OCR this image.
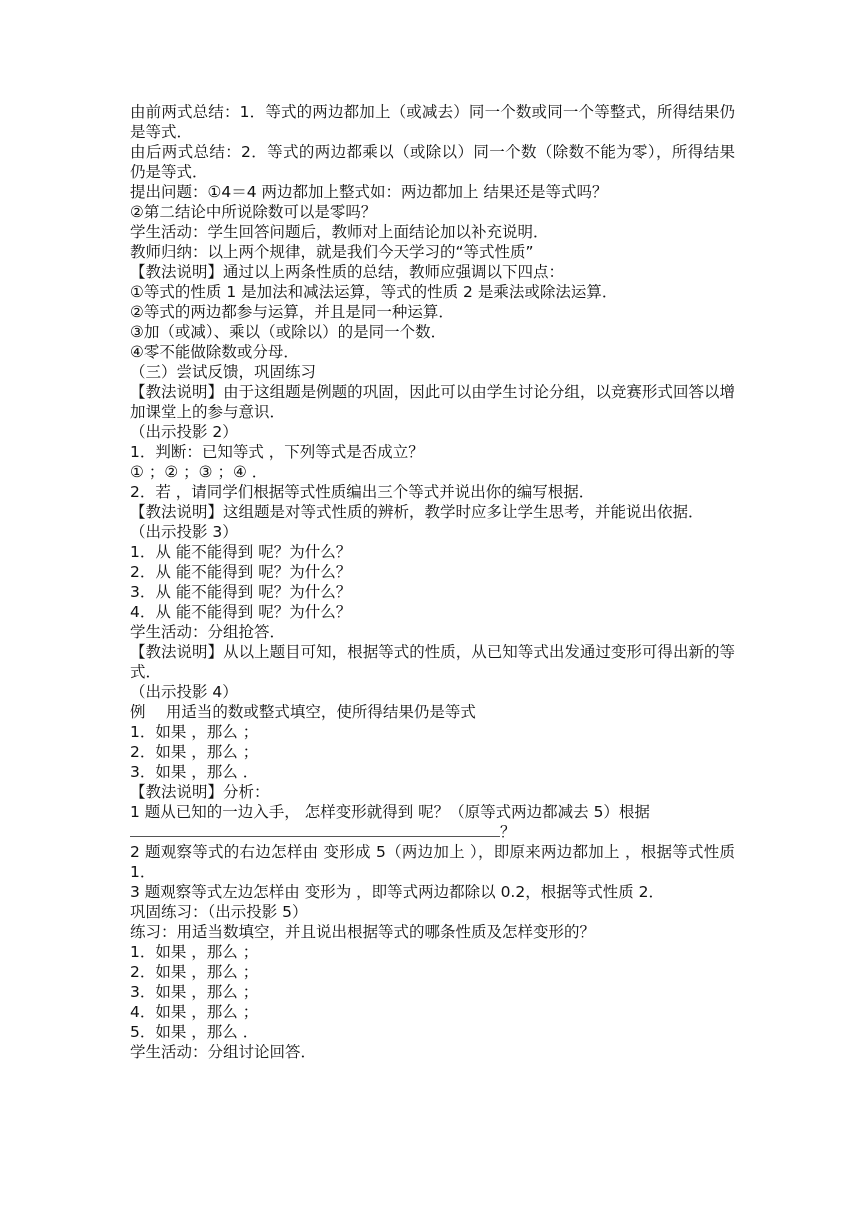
由前两式总结：1．等式的两边都加上（或减去）同一个数或同一个等整式，所得结果仍是等式．
由后两式总结：2．等式的两边都乘以（或除以）同一个数（除数不能为零），所得结果仍是等式．
提出问题：①4＝4 两边都加上整式如：两边都加上 结果还是等式吗？
②第二结论中所说除数可以是零吗？
学生活动：学生回答问题后，教师对上面结论加以补充说明．
教师归纳：以上两个规律，就是我们今天学习的“等式性质”
【教法说明】通过以上两条性质的总结，教师应强调以下四点：
①等式的性质 1 是加法和减法运算，等式的性质 2 是乘法或除法运算．
②等式的两边都参与运算，并且是同一种运算．
③加（或减）、乘以（或除以）的是同一个数．
④零不能做除数或分母．
（三）尝试反馈，巩固练习
【教法说明】由于这组题是例题的巩固，因此可以由学生讨论分组，以竞赛形式回答以增加课堂上的参与意识．
（出示投影 2）
1．判断：已知等式 ，下列等式是否成立？
① ；② ；③ ；④ ．
2．若 ，请同学们根据等式性质编出三个等式并说出你的编写根据．
【教法说明】这组题是对等式性质的辨析，教学时应多让学生思考，并能说出依据．
（出示投影 3）
1．从 能不能得到 呢？为什么？
2．从 能不能得到 呢？为什么？
3．从 能不能得到 呢？为什么？
4．从 能不能得到 呢？为什么？
学生活动：分组抢答．
【教法说明】从以上题目可知，根据等式的性质，从已知等式出发通过变形可得出新的等式．
（出示投影 4）
例　 用适当的数或整式填空，使所得结果仍是等式
1．如果 ，那么 ；
2．如果 ，那么 ；
3．如果 ，那么 ．
【教法说明】分析：
1 题从已知的一边入手， 怎样变形就得到 呢？（原等式两边都减去 5）根据
？
2 题观察等式的右边怎样由 变形成 5（两边加上 ），即原来两边都加上 ，根据等式性质 1．
3 题观察等式左边怎样由 变形为 ，即等式两边都除以 0.2，根据等式性质 2．
巩固练习：（出示投影 5）
练习：用适当数填空，并且说出根据等式的哪条性质及怎样变形的？
1．如果 ，那么 ；
2．如果 ，那么 ；
3．如果 ，那么 ；
4．如果 ，那么 ；
5．如果 ，那么 ．
学生活动：分组讨论回答．
